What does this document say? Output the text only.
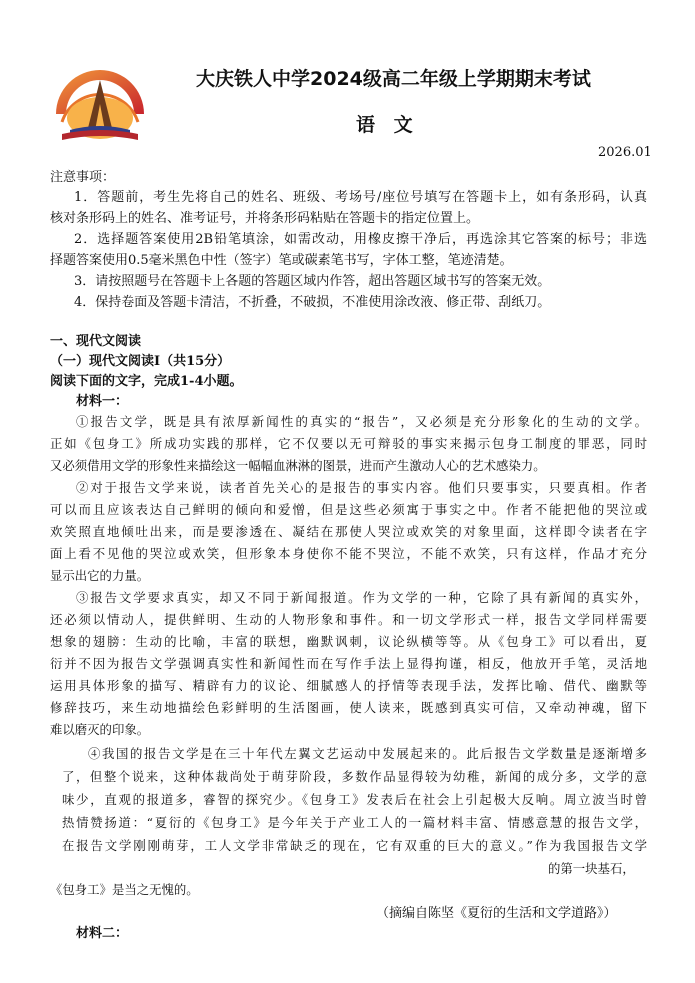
大庆铁人中学2024级高二年级上学期期末考试
语 文
2026.01
注意事项：
1．答题前，考生先将自己的姓名、班级、考场号/座位号填写在答题卡上，如有条形码，认真
核对条形码上的姓名、准考证号，并将条形码粘贴在答题卡的指定位置上。
2．选择题答案使用2B铅笔填涂，如需改动，用橡皮擦干净后，再选涂其它答案的标号；非选
择题答案使用0.5毫米黑色中性（签字）笔或碳素笔书写，字体工整，笔迹清楚。
3．请按照题号在答题卡上各题的答题区域内作答，超出答题区域书写的答案无效。
4．保持卷面及答题卡清洁，不折叠，不破损，不准使用涂改液、修正带、刮纸刀。
一、现代文阅读
（一）现代文阅读Ⅰ（共15分）
阅读下面的文字，完成1-4小题。
材料一：
①报告文学，既是具有浓厚新闻性的真实的“报告”，又必须是充分形象化的生动的文学。
正如《包身工》所成功实践的那样，它不仅要以无可辩驳的事实来揭示包身工制度的罪恶，同时
又必须借用文学的形象性来描绘这一幅幅血淋淋的图景，进而产生激动人心的艺术感染力。
②对于报告文学来说，读者首先关心的是报告的事实内容。他们只要事实，只要真相。作者
可以而且应该表达自己鲜明的倾向和爱憎，但是这些必须寓于事实之中。作者不能把他的哭泣或
欢笑照直地倾吐出来，而是要渗透在、凝结在那使人哭泣或欢笑的对象里面，这样即令读者在字
面上看不见他的哭泣或欢笑，但形象本身使你不能不哭泣，不能不欢笑，只有这样，作品才充分
显示出它的力量。
③报告文学要求真实，却又不同于新闻报道。作为文学的一种，它除了具有新闻的真实外，
还必须以情动人，提供鲜明、生动的人物形象和事件。和一切文学形式一样，报告文学同样需要
想象的翅膀：生动的比喻，丰富的联想，幽默讽刺，议论纵横等等。从《包身工》可以看出，夏
衍并不因为报告文学强调真实性和新闻性而在写作手法上显得拘谨，相反，他放开手笔，灵活地
运用具体形象的描写、精辟有力的议论、细腻感人的抒情等表现手法，发挥比喻、借代、幽默等
修辞技巧，来生动地描绘色彩鲜明的生活图画，使人读来，既感到真实可信，又牵动神魂，留下
难以磨灭的印象。
④我国的报告文学是在三十年代左翼文艺运动中发展起来的。此后报告文学数量是逐渐增多
了，但整个说来，这种体裁尚处于萌芽阶段，多数作品显得较为幼稚，新闻的成分多，文学的意
味少，直观的报道多，睿智的探究少。《包身工》发表后在社会上引起极大反响。周立波当时曾
热情赞扬道：“夏衍的《包身工》是今年关于产业工人的一篇材料丰富、情感意慧的报告文学，
在报告文学刚刚萌芽，工人文学非常缺乏的现在，它有双重的巨大的意义。”作为我国报告文学
的第一块基石，
《包身工》是当之无愧的。
（摘编自陈坚《夏衍的生活和文学道路》）
材料二：
